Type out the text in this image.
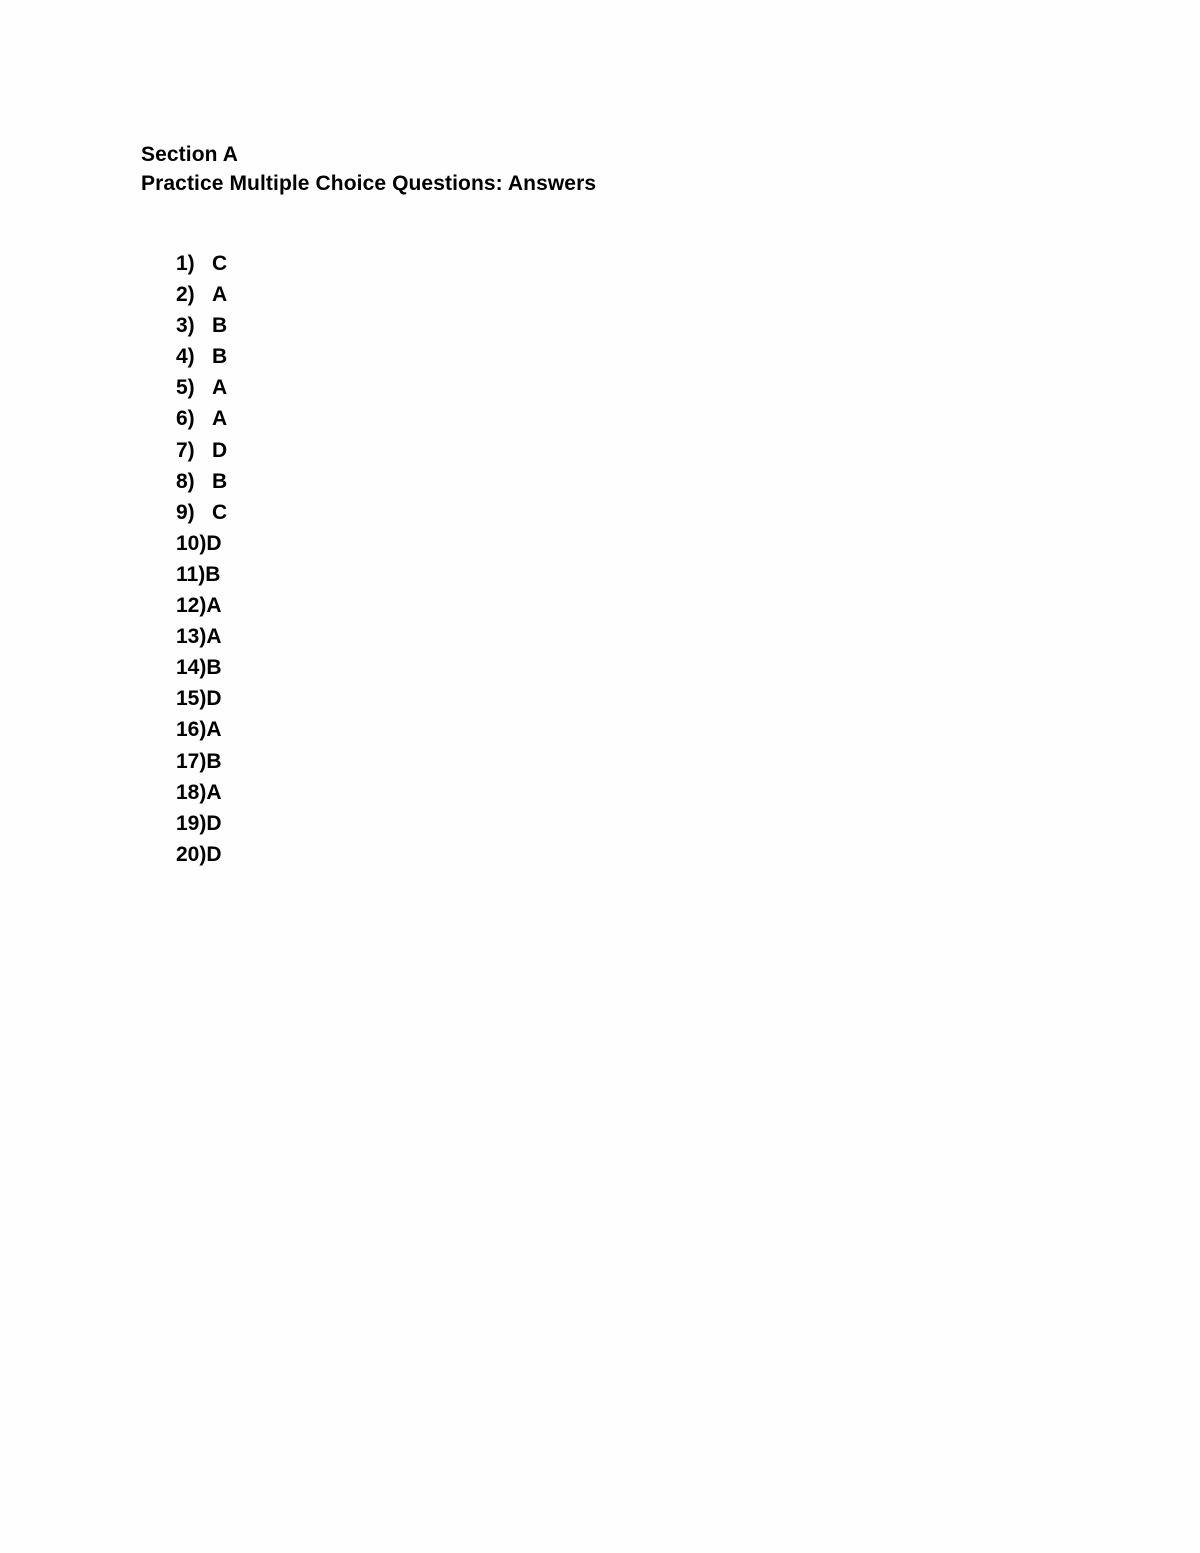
Section A
Practice Multiple Choice Questions: Answers
1) C
2) A
3) B
4) B
5) A
6) A
7) D
8) B
9) C
10) D
11) B
12) A
13) A
14) B
15) D
16) A
17) B
18) A
19) D
20) D
